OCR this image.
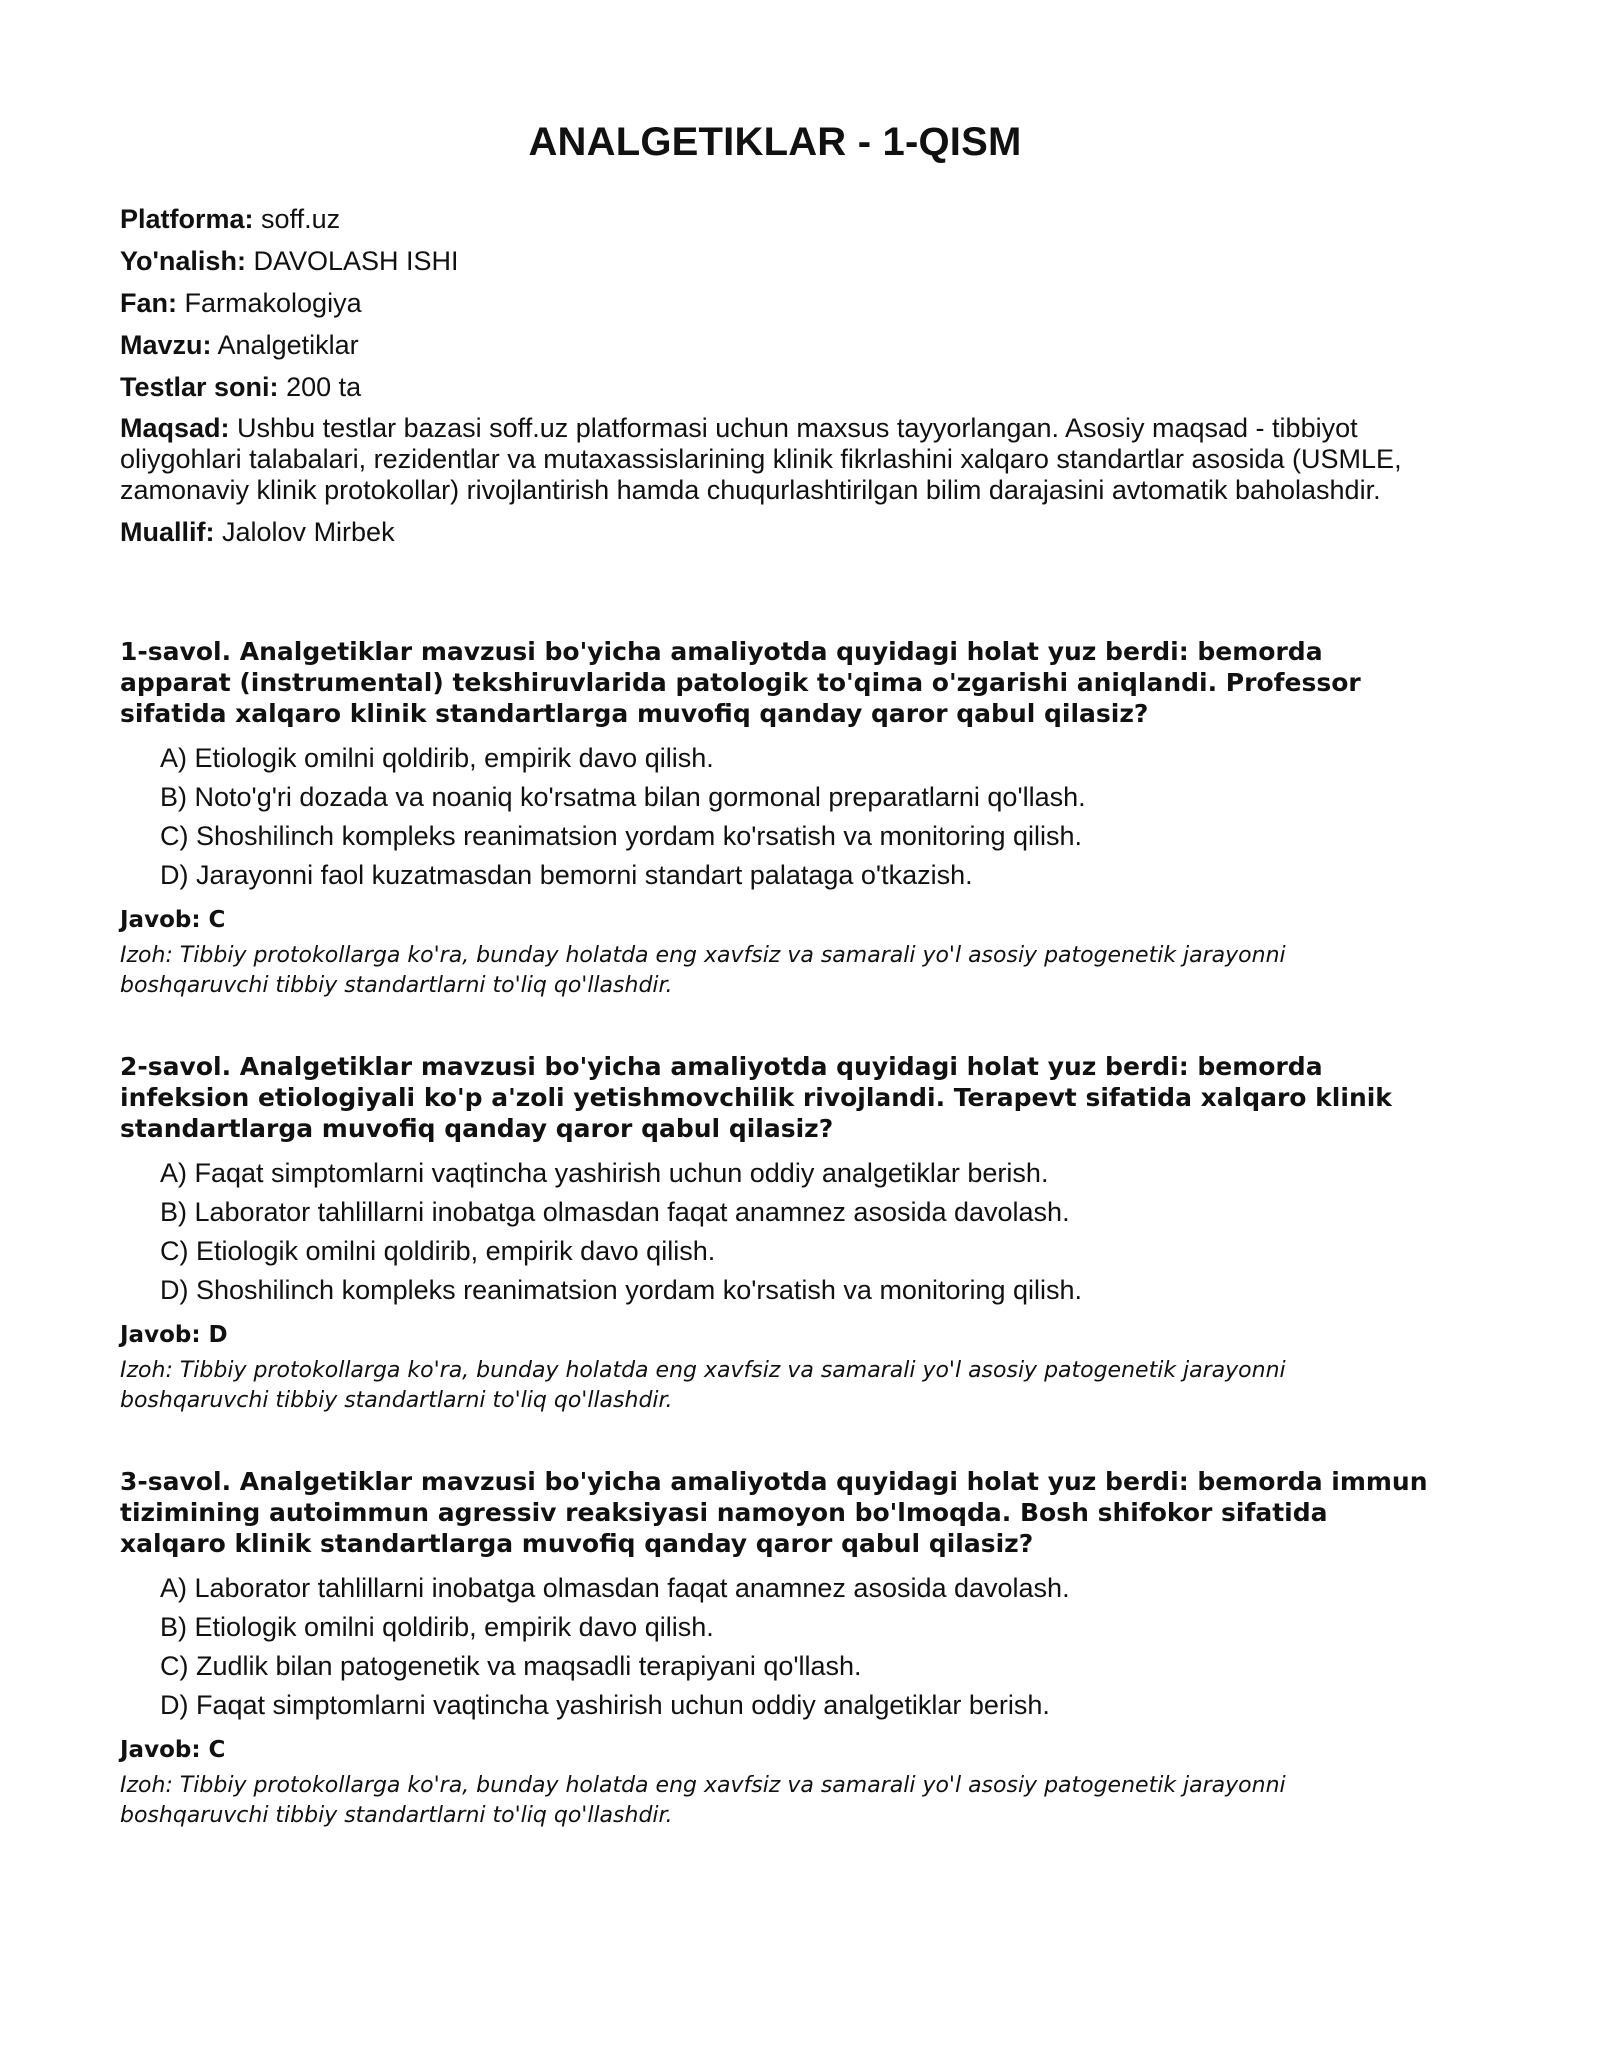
ANALGETIKLAR - 1-QISM

Platforma: soff.uz

Yo'nalish: DAVOLASH ISHI

Fan: Farmakologiya

Mavzu: Analgetiklar

Testlar soni: 200 ta

Maqsad: Ushbu testlar bazasi soff.uz platformasi uchun maxsus tayyorlangan. Asosiy maqsad - tibbiyot oliygohlari talabalari, rezidentlar va mutaxassislarining klinik fikrlashini xalqaro standartlar asosida (USMLE, zamonaviy klinik protokollar) rivojlantirish hamda chuqurlashtirilgan bilim darajasini avtomatik baholashdir.

Muallif: Jalolov Mirbek

1-savol. Analgetiklar mavzusi bo'yicha amaliyotda quyidagi holat yuz berdi: bemorda apparat (instrumental) tekshiruvlarida patologik to'qima o'zgarishi aniqlandi. Professor sifatida xalqaro klinik standartlarga muvofiq qanday qaror qabul qilasiz?

A) Etiologik omilni qoldirib, empirik davo qilish.
B) Noto'g'ri dozada va noaniq ko'rsatma bilan gormonal preparatlarni qo'llash.
C) Shoshilinch kompleks reanimatsion yordam ko'rsatish va monitoring qilish.
D) Jarayonni faol kuzatmasdan bemorni standart palataga o'tkazish.

Javob: C

Izoh: Tibbiy protokollarga ko'ra, bunday holatda eng xavfsiz va samarali yo'l asosiy patogenetik jarayonni boshqaruvchi tibbiy standartlarni to'liq qo'llashdir.

2-savol. Analgetiklar mavzusi bo'yicha amaliyotda quyidagi holat yuz berdi: bemorda infeksion etiologiyali ko'p a'zoli yetishmovchilik rivojlandi. Terapevt sifatida xalqaro klinik standartlarga muvofiq qanday qaror qabul qilasiz?

A) Faqat simptomlarni vaqtincha yashirish uchun oddiy analgetiklar berish.
B) Laborator tahlillarni inobatga olmasdan faqat anamnez asosida davolash.
C) Etiologik omilni qoldirib, empirik davo qilish.
D) Shoshilinch kompleks reanimatsion yordam ko'rsatish va monitoring qilish.

Javob: D

Izoh: Tibbiy protokollarga ko'ra, bunday holatda eng xavfsiz va samarali yo'l asosiy patogenetik jarayonni boshqaruvchi tibbiy standartlarni to'liq qo'llashdir.

3-savol. Analgetiklar mavzusi bo'yicha amaliyotda quyidagi holat yuz berdi: bemorda immun tizimining autoimmun agressiv reaksiyasi namoyon bo'lmoqda. Bosh shifokor sifatida xalqaro klinik standartlarga muvofiq qanday qaror qabul qilasiz?

A) Laborator tahlillarni inobatga olmasdan faqat anamnez asosida davolash.
B) Etiologik omilni qoldirib, empirik davo qilish.
C) Zudlik bilan patogenetik va maqsadli terapiyani qo'llash.
D) Faqat simptomlarni vaqtincha yashirish uchun oddiy analgetiklar berish.

Javob: C

Izoh: Tibbiy protokollarga ko'ra, bunday holatda eng xavfsiz va samarali yo'l asosiy patogenetik jarayonni boshqaruvchi tibbiy standartlarni to'liq qo'llashdir.
